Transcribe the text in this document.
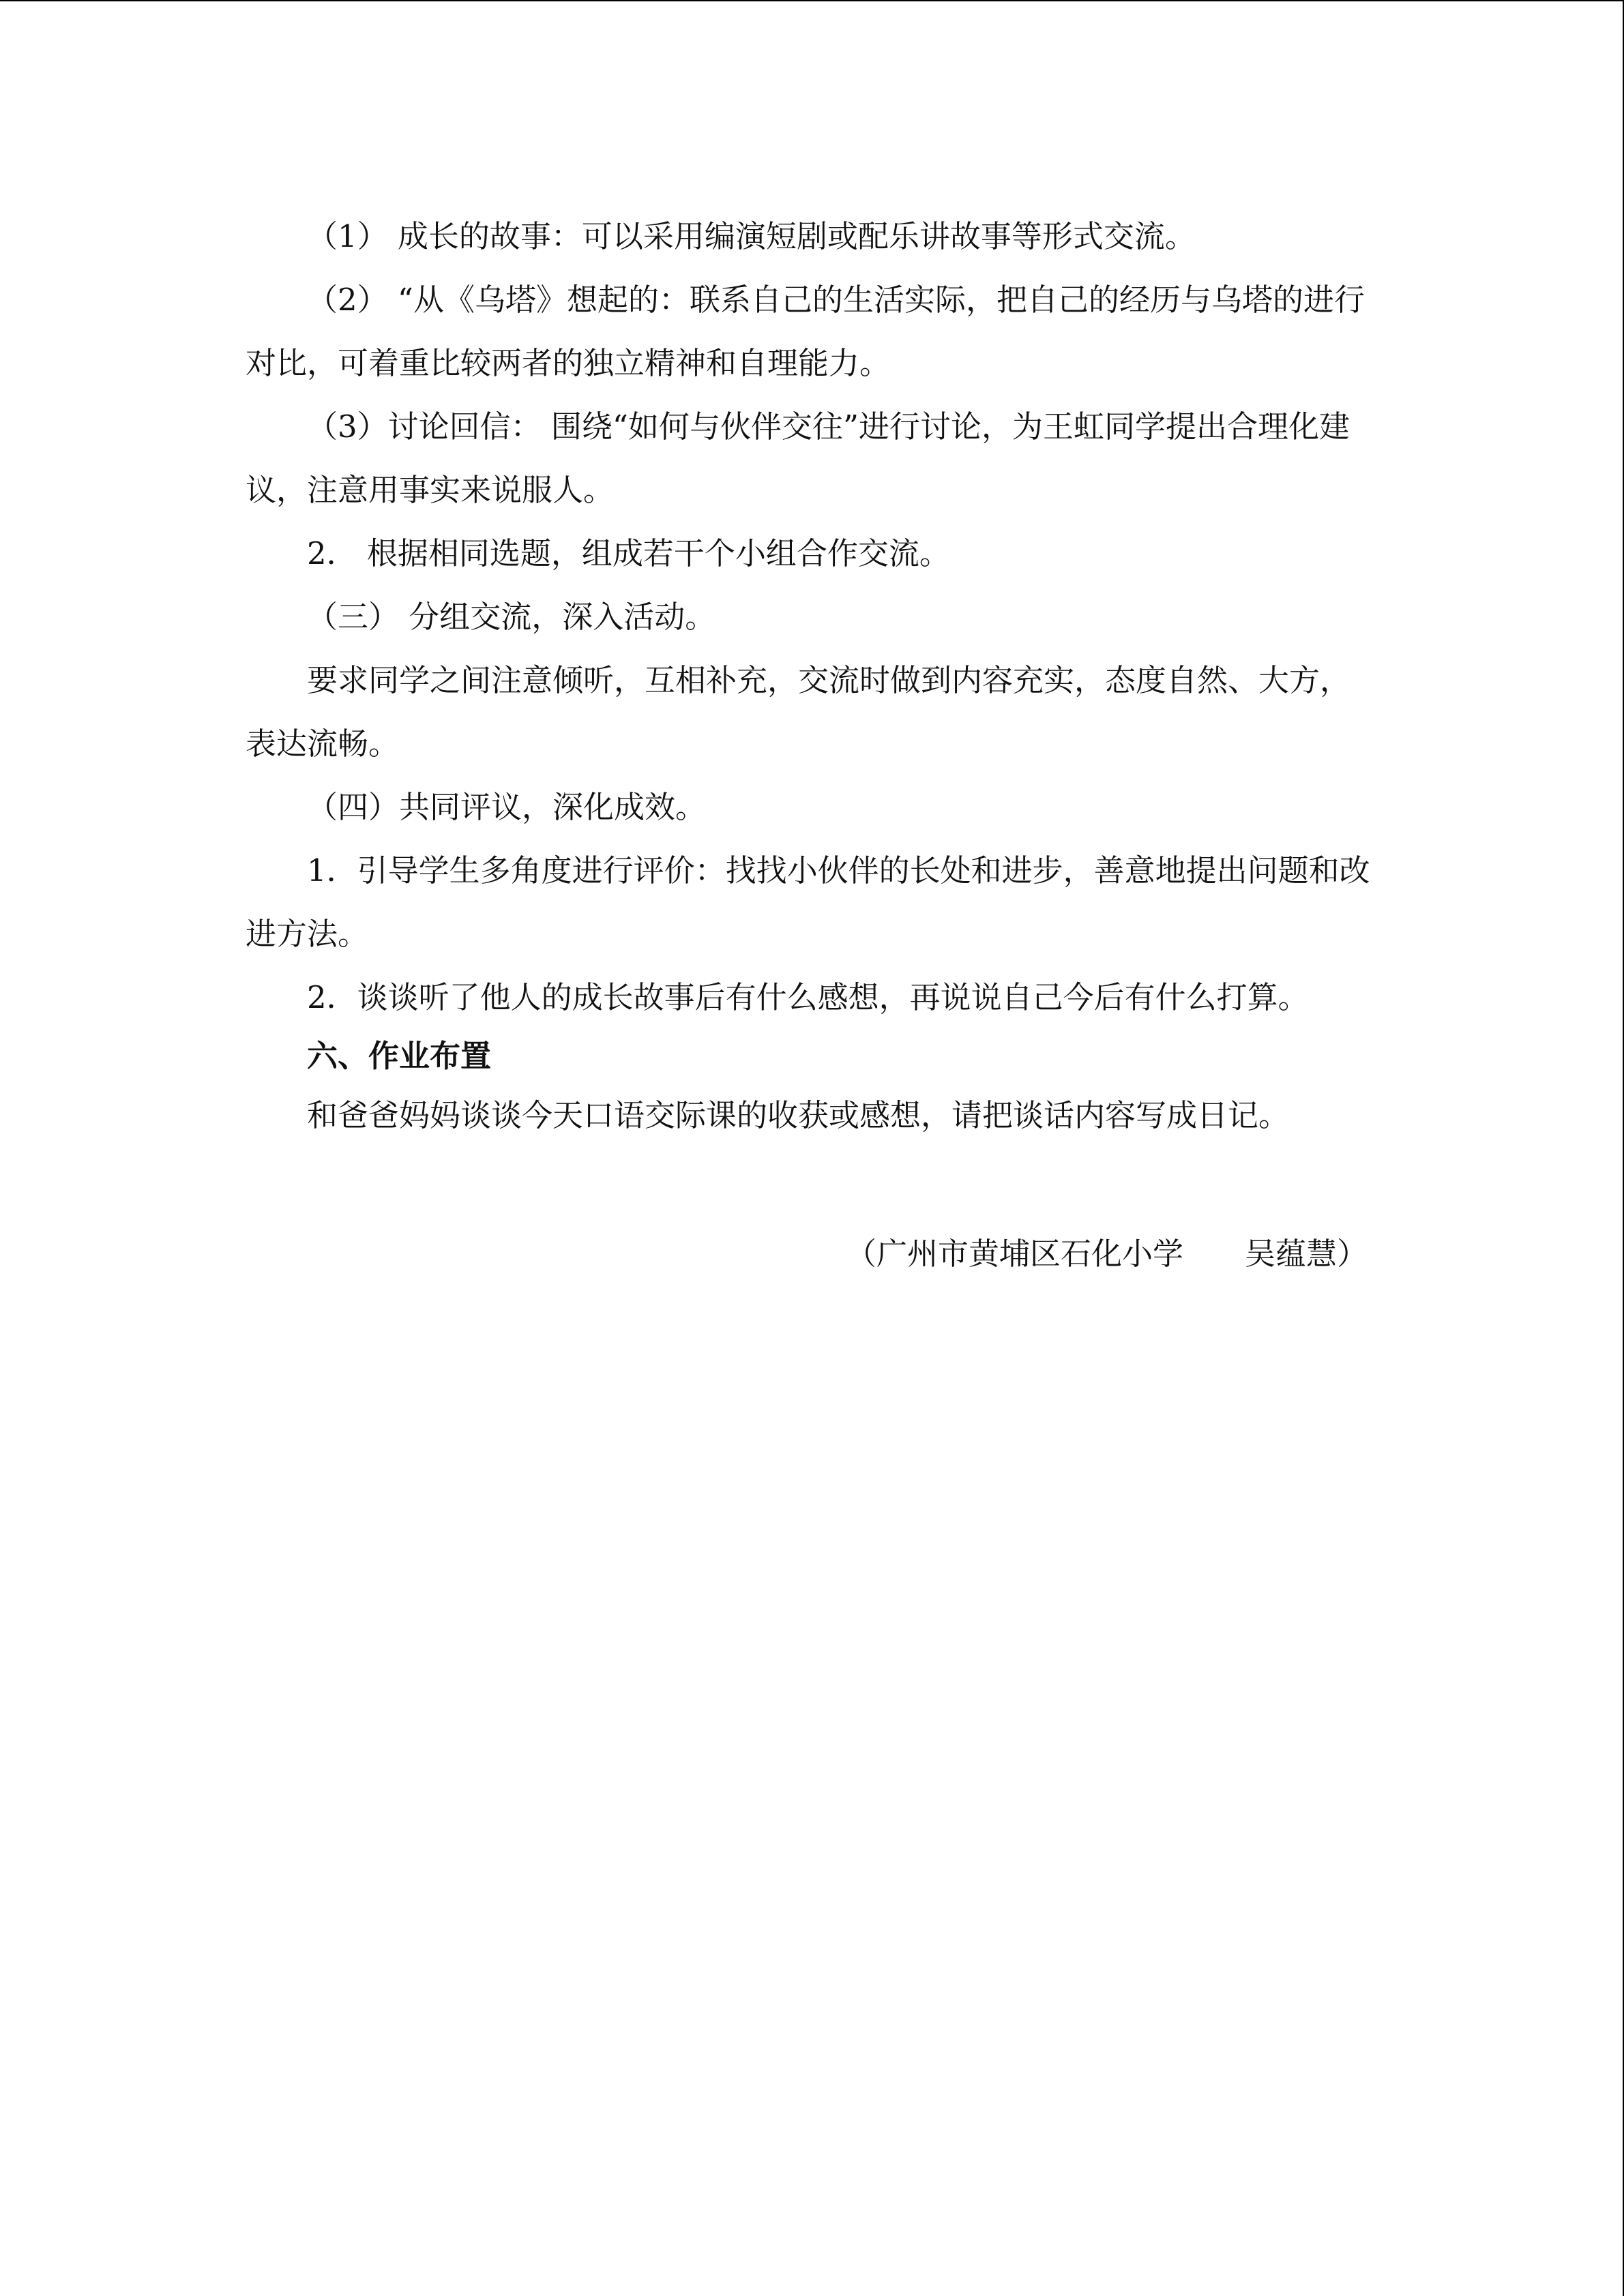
（1） 成长的故事：可以采用编演短剧或配乐讲故事等形式交流。

（2） “从《乌塔》想起的：联系自己的生活实际，把自己的经历与乌塔的进行对比，可着重比较两者的独立精神和自理能力。

（3）讨论回信： 围绕“如何与伙伴交往”进行讨论，为王虹同学提出合理化建议，注意用事实来说服人。

2． 根据相同选题，组成若干个小组合作交流。

（三） 分组交流，深入活动。

要求同学之间注意倾听，互相补充，交流时做到内容充实，态度自然、大方，表达流畅。

（四）共同评议，深化成效。

1．引导学生多角度进行评价：找找小伙伴的长处和进步，善意地提出问题和改进方法。

2．谈谈听了他人的成长故事后有什么感想，再说说自己今后有什么打算。

六、作业布置

和爸爸妈妈谈谈今天口语交际课的收获或感想，请把谈话内容写成日记。

（广州市黄埔区石化小学　　吴蕴慧）
